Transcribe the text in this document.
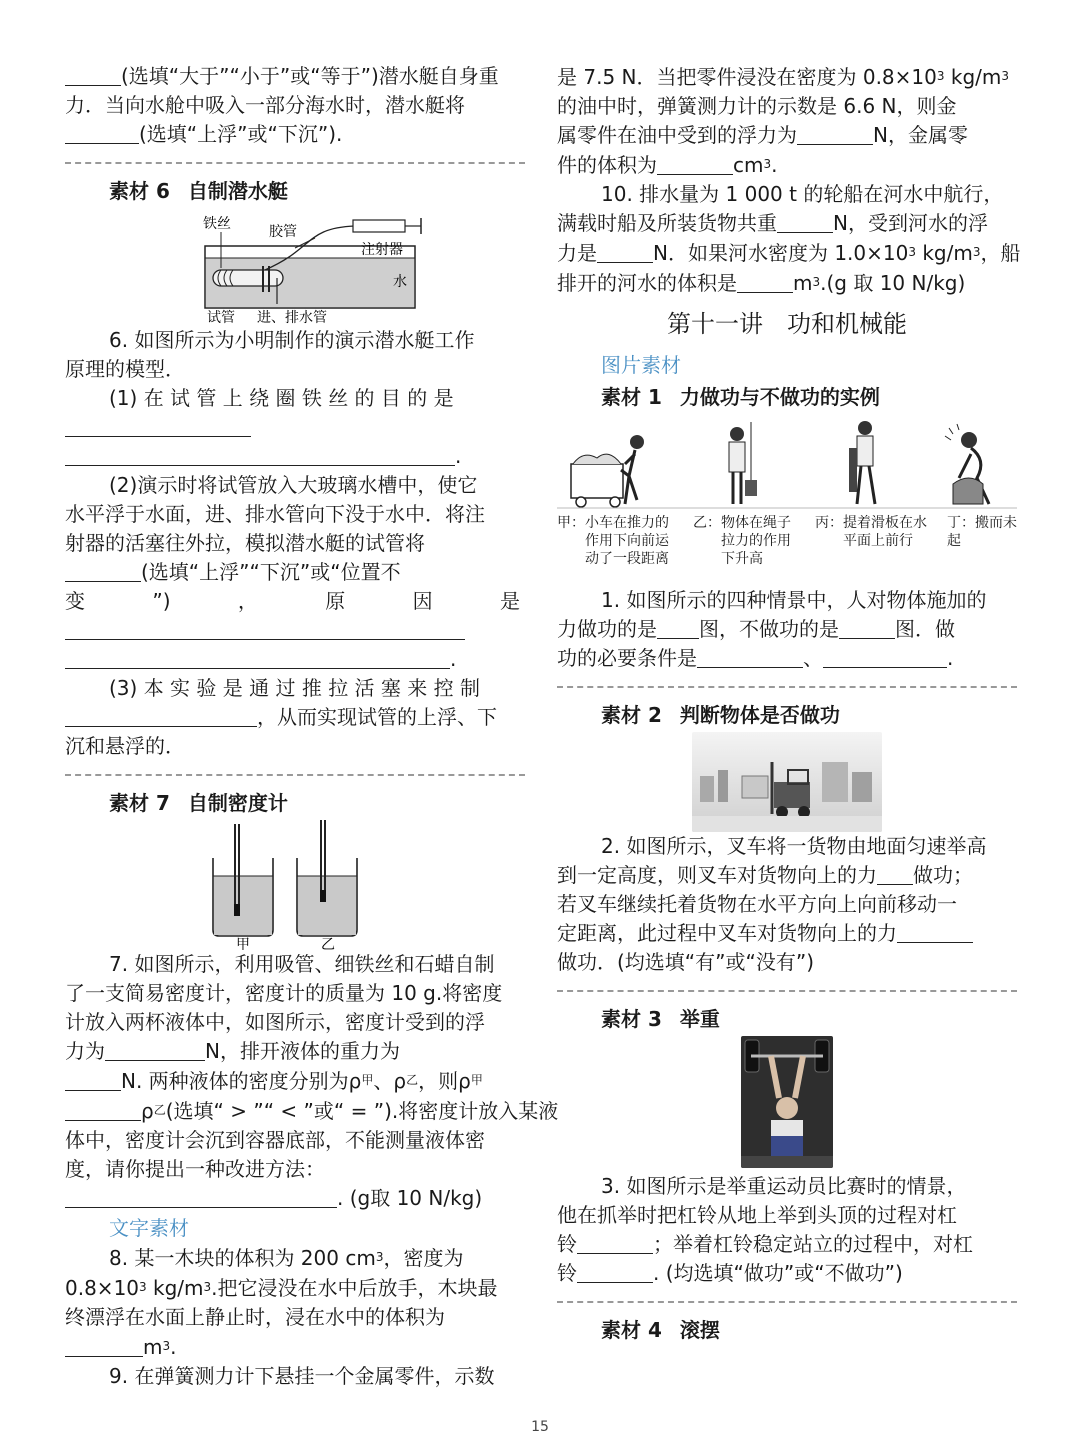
(选填“大于”“小于”或“等于”)潜水艇自身重
力．当向水舱中吸入一部分海水时，潜水艇将
(选填“上浮”或“下沉”).
素材 6 自制潜水艇
铁丝	胶管
注射器
水
试管 进、排水管
6. 如图所示为小明制作的演示潜水艇工作
原理的模型．
(1) 在 试 管 上 绕 圈 铁 丝 的 目 的 是
.
(2)演示时将试管放入大玻璃水槽中，使它
水平浮于水面，进、排水管向下没于水中．将注
射器的活塞往外拉，模拟潜水艇的试管将
(选填“上浮”“下沉”或“位置不
变	”)	，	原	因	是
.
(3) 本 实 验 是 通 过 推 拉 活 塞 来 控 制
，从而实现试管的上浮、下
沉和悬浮的．
素材 7 自制密度计
甲	乙
7. 如图所示，利用吸管、细铁丝和石蜡自制
了一支简易密度计，密度计的质量为 10 g.将密度
计放入两杯液体中，如图所示，密度计受到的浮
力为	N，排开液体的重力为
N. 两种液体的密度分别为$\rho^甲$、$\rho^乙$，则$\rho^甲$
$\rho^乙$(选填“ > ”“ < ”或“ = ”).将密度计放入某液
体中，密度计会沉到容器底部，不能测量液体密
度，请你提出一种改进方法：
. (g取 10 N/kg)
文字素材
8. 某一木块的体积为 200 $cm^3$，密度为
$0.8\times 10^3$ $kg/m^3$.把它浸没在水中后放手，木块最
终漂浮在水面上静止时，浸在水中的体积为
$m^3$.
9. 在弹簧测力计下悬挂一个金属零件，示数
是 7.5 N．当把零件浸没在密度为 $0.8\times 10^3$ $kg/m^3$
的油中时，弹簧测力计的示数是 6.6 N，则金
属零件在油中受到的浮力为	N，金属零
件的体积为	$cm^3$.
10. 排水量为 1 000 t 的轮船在河水中航行，
满载时船及所装货物共重	N，受到河水的浮
力是	N．如果河水密度为 $1.0\times 10^3$ $kg/m^3$，船
排开的河水的体积是	$m^3.(g$ 取 10 N/kg)
第十一讲　功和机械能
图片素材
素材 1 力做功与不做功的实例
甲：小车在推力的
作用下向前运
动了一段距离
乙：物体在绳子
拉力的作用
下升高
丙：提着滑板在水
平面上前行
丁：搬而未起
1. 如图所示的四种情景中，人对物体施加的
力做功的是 图，不做功的是	图．做
功的必要条件是	、	.
素材 2 判断物体是否做功
2. 如图所示，叉车将一货物由地面匀速举高
到一定高度，则叉车对货物向上的力 做功；
若叉车继续托着货物在水平方向上向前移动一
定距离，此过程中叉车对货物向上的力
做功．(均选填“有”或“没有”)
素材 3 举重
3. 如图所示是举重运动员比赛时的情景，
他在抓举时把杠铃从地上举到头顶的过程对杠
铃	；举着杠铃稳定站立的过程中，对杠
铃	. (均选填“做功”或“不做功”)
素材 4 滚摆
15
